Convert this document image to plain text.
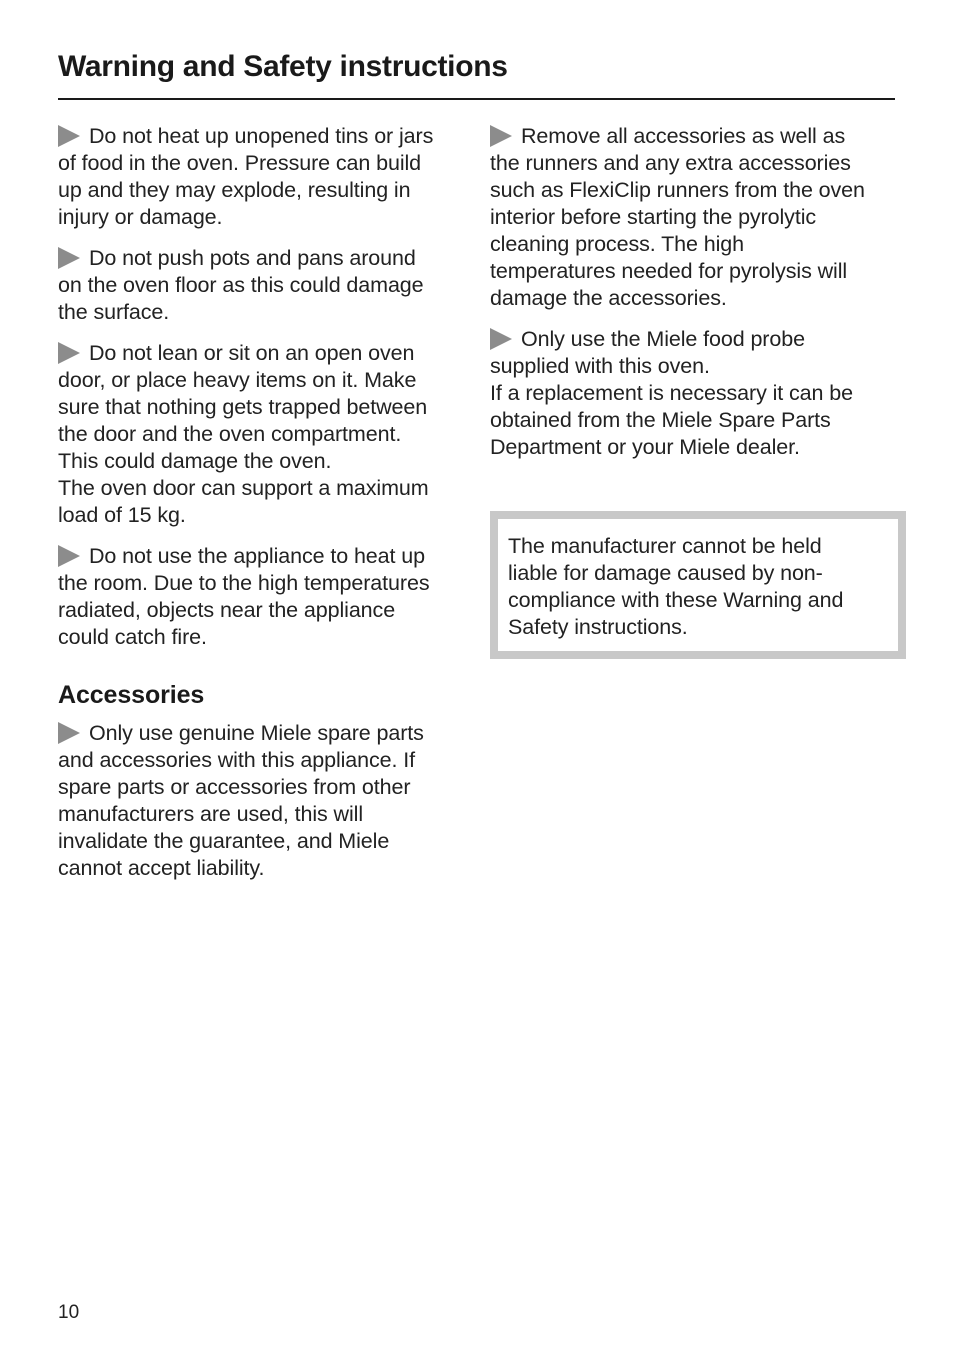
Warning and Safety instructions

Do not heat up unopened tins or jars
of food in the oven. Pressure can build
up and they may explode, resulting in
injury or damage.

Do not push pots and pans around
on the oven floor as this could damage
the surface.

Do not lean or sit on an open oven
door, or place heavy items on it. Make
sure that nothing gets trapped between
the door and the oven compartment.
This could damage the oven.
The oven door can support a maximum
load of 15 kg.

Do not use the appliance to heat up
the room. Due to the high temperatures
radiated, objects near the appliance
could catch fire.

Accessories

Only use genuine Miele spare parts
and accessories with this appliance. If
spare parts or accessories from other
manufacturers are used, this will
invalidate the guarantee, and Miele
cannot accept liability.

Remove all accessories as well as
the runners and any extra accessories
such as FlexiClip runners from the oven
interior before starting the pyrolytic
cleaning process. The high
temperatures needed for pyrolysis will
damage the accessories.

Only use the Miele food probe
supplied with this oven.
If a replacement is necessary it can be
obtained from the Miele Spare Parts
Department or your Miele dealer.

The manufacturer cannot be held
liable for damage caused by non-
compliance with these Warning and
Safety instructions.
10
